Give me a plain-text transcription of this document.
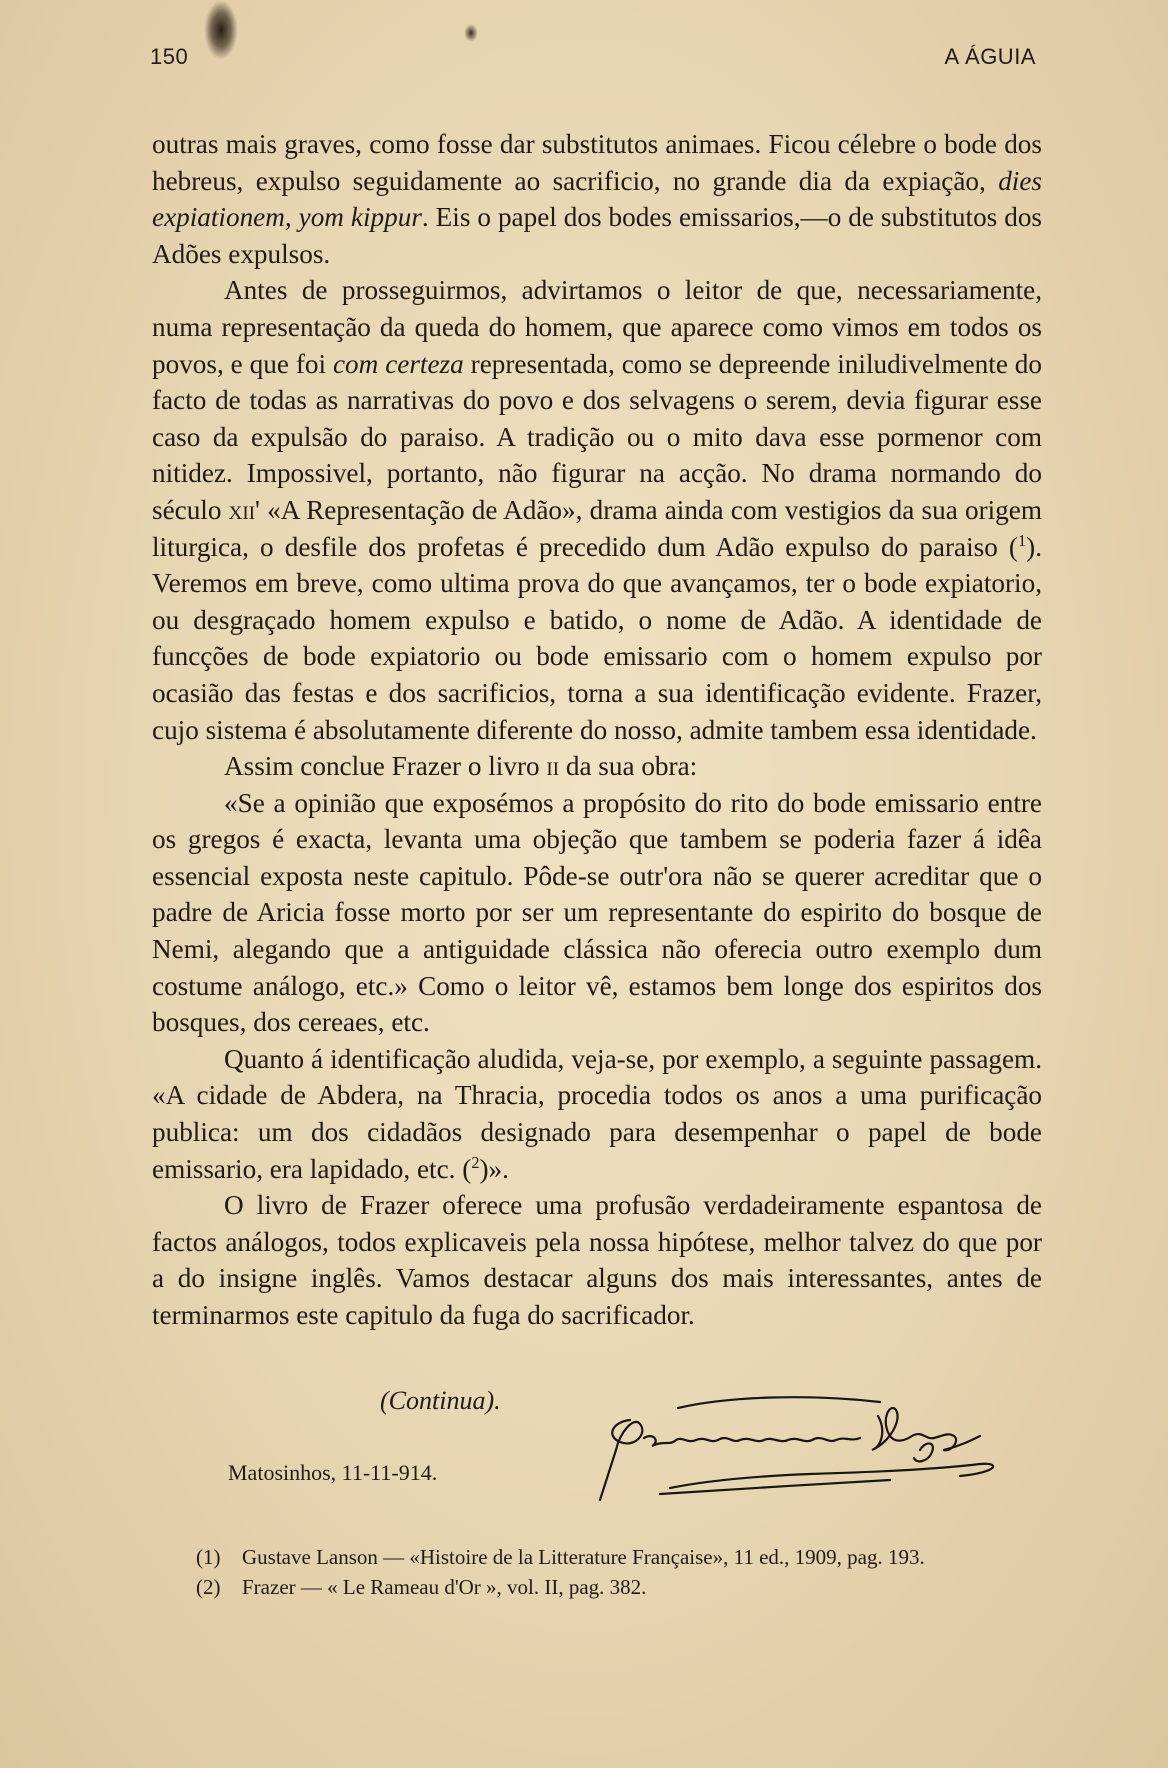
150	A ÁGUIA

outras mais graves, como fosse dar substitutos animaes. Ficou célebre o bode dos hebreus, expulso seguidamente ao sacrificio, no grande dia da expiação, dies expiationem, yom kippur. Eis o papel dos bodes emissarios,—o de substitutos dos Adões expulsos.

Antes de prosseguirmos, advirtamos o leitor de que, necessariamente, numa representação da queda do homem, que aparece como vimos em todos os povos, e que foi com certeza representada, como se depreende iniludivelmente do facto de todas as narrativas do povo e dos selvagens o serem, devia figurar esse caso da expulsão do paraiso. A tradição ou o mito dava esse pormenor com nitidez. Impossivel, portanto, não figurar na acção. No drama normando do século xii' «A Representação de Adão», drama ainda com vestigios da sua origem liturgica, o desfile dos profetas é precedido dum Adão expulso do paraiso ($^1$). Veremos em breve, como ultima prova do que avançamos, ter o bode expiatorio, ou desgraçado homem expulso e batido, o nome de Adão. A identidade de funcções de bode expiatorio ou bode emissario com o homem expulso por ocasião das festas e dos sacrificios, torna a sua identificação evidente. Frazer, cujo sistema é absolutamente diferente do nosso, admite tambem essa identidade.

Assim conclue Frazer o livro ii da sua obra:

«Se a opinião que exposémos a propósito do rito do bode emissario entre os gregos é exacta, levanta uma objeção que tambem se poderia fazer á idêa essencial exposta neste capitulo. Pôde-se outr'ora não se querer acreditar que o padre de Aricia fosse morto por ser um representante do espirito do bosque de Nemi, alegando que a antiguidade clássica não oferecia outro exemplo dum costume análogo, etc.» Como o leitor vê, estamos bem longe dos espiritos dos bosques, dos cereaes, etc.

Quanto á identificação aludida, veja-se, por exemplo, a seguinte passagem. «A cidade de Abdera, na Thracia, procedia todos os anos a uma purificação publica: um dos cidadãos designado para desempenhar o papel de bode emissario, era lapidado, etc. ($^2$)».

O livro de Frazer oferece uma profusão verdadeiramente espantosa de factos análogos, todos explicaveis pela nossa hipótese, melhor talvez do que por a do insigne inglês. Vamos destacar alguns dos mais interessantes, antes de terminarmos este capitulo da fuga do sacrificador.

(Continua).
Matosinhos, 11-11-914.
(1)	Gustave Lanson — «Histoire de la Litterature Française», 11 ed., 1909, pag. 193.
(2)	Frazer — « Le Rameau d'Or », vol. II, pag. 382.
